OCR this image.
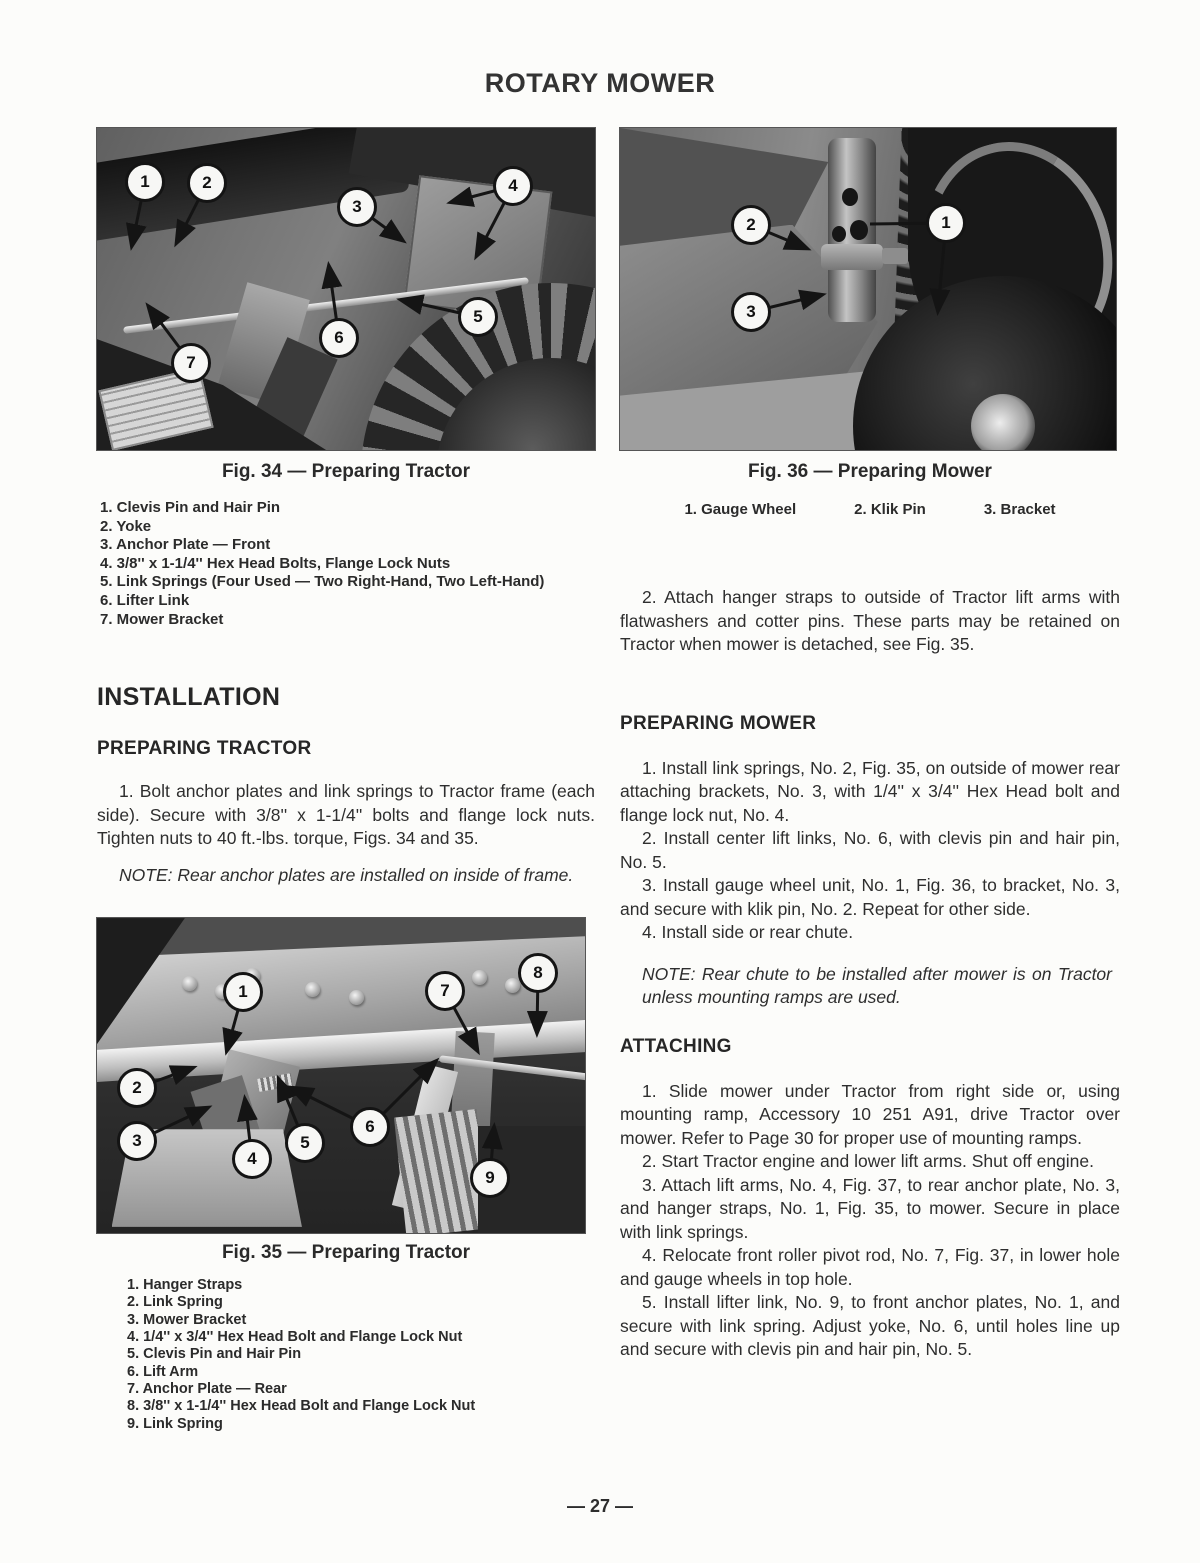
ROTARY MOWER
1	2
3
4
5
6
7
Fig. 34 — Preparing Tractor
1. Clevis Pin and Hair Pin
2. Yoke
3. Anchor Plate — Front
4. 3/8'' x 1-1/4'' Hex Head Bolts, Flange Lock Nuts
5. Link Springs (Four Used — Two Right-Hand, Two Left-Hand)
6. Lifter Link
7. Mower Bracket
INSTALLATION
PREPARING TRACTOR

1. Bolt anchor plates and link springs to Tractor frame (each side). Secure with 3/8'' x 1-1/4'' bolts and flange lock nuts. Tighten nuts to 40 ft.-lbs. torque, Figs. 34 and 35.

NOTE: Rear anchor plates are installed on inside of frame.

1
2
3
4
5
6
7
8
9
Fig. 35 — Preparing Tractor
1. Hanger Straps
2. Link Spring
3. Mower Bracket
4. 1/4'' x 3/4'' Hex Head Bolt and Flange Lock Nut
5. Clevis Pin and Hair Pin
6. Lift Arm
7. Anchor Plate — Rear
8. 3/8'' x 1-1/4'' Hex Head Bolt and Flange Lock Nut
9. Link Spring
2	1
3
Fig. 36 — Preparing Mower
1. Gauge Wheel	2. Klik Pin	3. Bracket

2. Attach hanger straps to outside of Tractor lift arms with flatwashers and cotter pins. These parts may be retained on Tractor when mower is detached, see Fig. 35.

PREPARING MOWER

1. Install link springs, No. 2, Fig. 35, on outside of mower rear attaching brackets, No. 3, with 1/4'' x 3/4'' Hex Head bolt and flange lock nut, No. 4.

2. Install center lift links, No. 6, with clevis pin and hair pin, No. 5.

3. Install gauge wheel unit, No. 1, Fig. 36, to bracket, No. 3, and secure with klik pin, No. 2. Repeat for other side.

4. Install side or rear chute.

NOTE: Rear chute to be installed after mower is on Tractor unless mounting ramps are used.

ATTACHING

1. Slide mower under Tractor from right side or, using mounting ramp, Accessory 10 251 A91, drive Tractor over mower. Refer to Page 30 for proper use of mounting ramps.

2. Start Tractor engine and lower lift arms. Shut off engine.

3. Attach lift arms, No. 4, Fig. 37, to rear anchor plate, No. 3, and hanger straps, No. 1, Fig. 35, to mower. Secure in place with link springs.

4. Relocate front roller pivot rod, No. 7, Fig. 37, in lower hole and gauge wheels in top hole.

5. Install lifter link, No. 9, to front anchor plates, No. 1, and secure with link spring. Adjust yoke, No. 6, until holes line up and secure with clevis pin and hair pin, No. 5.

— 27 —
